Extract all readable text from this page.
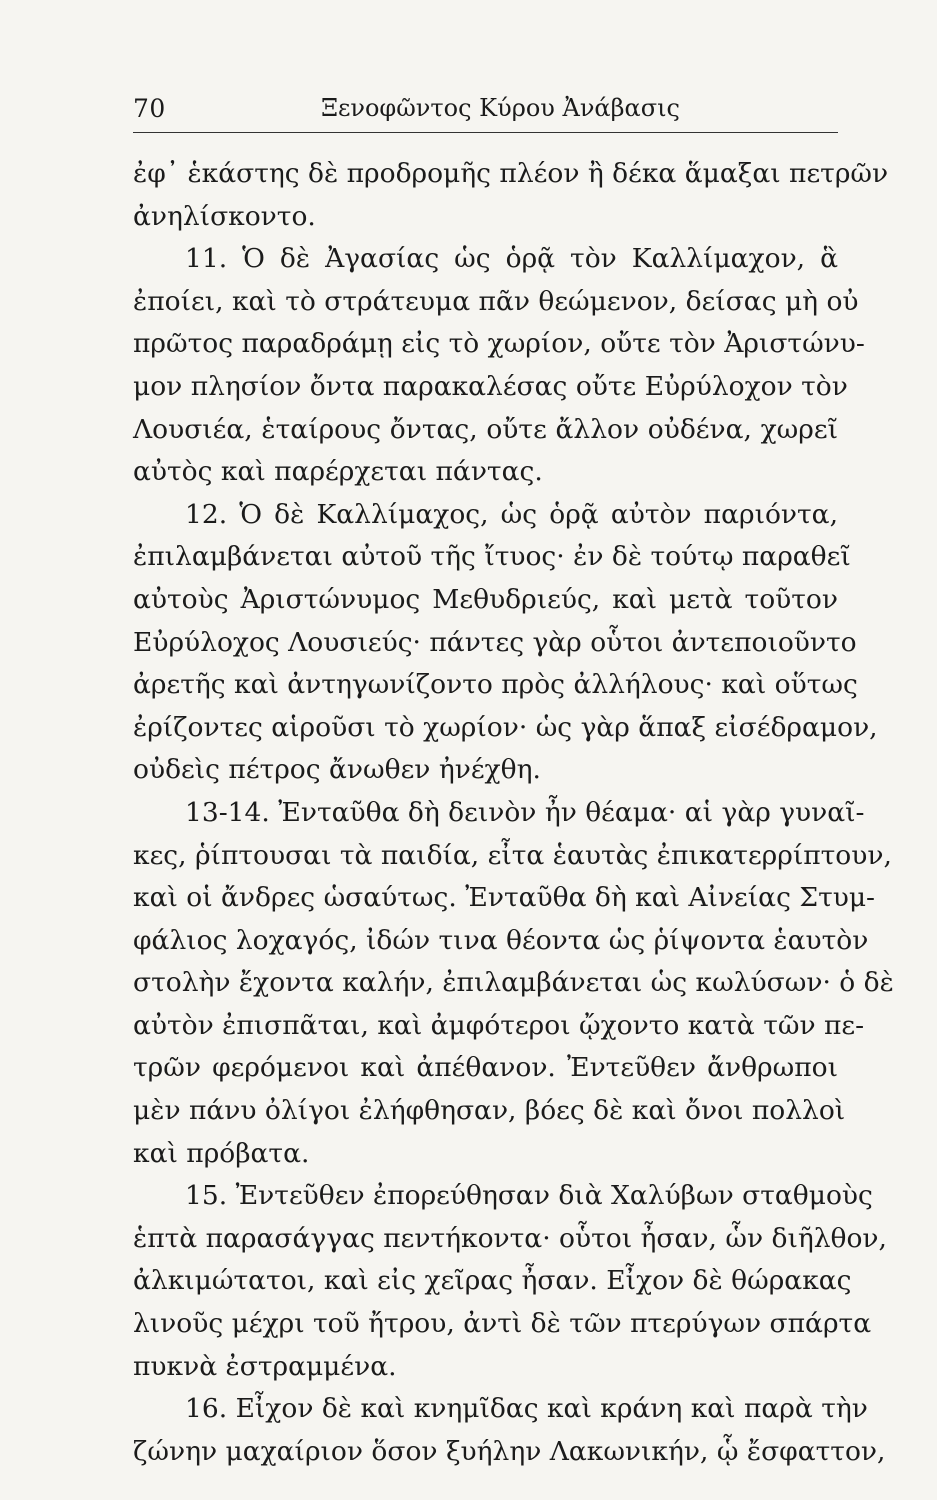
70	Ξενοφῶντος Κύρου Ἀνάβασις
ἐφ᾽ ἑκάστης δὲ προδρομῆς πλέον ἢ δέκα ἅμαξαι πετρῶν
ἀνηλίσκοντο.
11. Ὁ δὲ Ἀγασίας ὡς ὁρᾷ τὸν Καλλίμαχον, ἃ
ἐποίει, καὶ τὸ στράτευμα πᾶν θεώμενον, δείσας μὴ οὐ
πρῶτος παραδράμῃ εἰς τὸ χωρίον, οὔτε τὸν Ἀριστώνυ-
μον πλησίον ὄντα παρακαλέσας οὔτε Εὐρύλοχον τὸν
Λουσιέα, ἑταίρους ὄντας, οὔτε ἄλλον οὐδένα, χωρεῖ
αὐτὸς καὶ παρέρχεται πάντας.
12. Ὁ δὲ Καλλίμαχος, ὡς ὁρᾷ αὐτὸν παριόντα,
ἐπιλαμβάνεται αὐτοῦ τῆς ἴτυος· ἐν δὲ τούτῳ παραθεῖ
αὐτοὺς Ἀριστώνυμος Μεθυδριεύς, καὶ μετὰ τοῦτον
Εὐρύλοχος Λουσιεύς· πάντες γὰρ οὗτοι ἀντεποιοῦντο
ἀρετῆς καὶ ἀντηγωνίζοντο πρὸς ἀλλήλους· καὶ οὕτως
ἐρίζοντες αἱροῦσι τὸ χωρίον· ὡς γὰρ ἅπαξ εἰσέδραμον,
οὐδεὶς πέτρος ἄνωθεν ἠνέχθη.
13-14. Ἐνταῦθα δὴ δεινὸν ἦν θέαμα· αἱ γὰρ γυναῖ-
κες, ῥίπτουσαι τὰ παιδία, εἶτα ἑαυτὰς ἐπικατερρίπτουν,
καὶ οἱ ἄνδρες ὡσαύτως. Ἐνταῦθα δὴ καὶ Αἰνείας Στυμ-
φάλιος λοχαγός, ἰδών τινα θέοντα ὡς ῥίψοντα ἑαυτὸν
στολὴν ἔχοντα καλήν, ἐπιλαμβάνεται ὡς κωλύσων· ὁ δὲ
αὐτὸν ἐπισπᾶται, καὶ ἀμφότεροι ᾤχοντο κατὰ τῶν πε-
τρῶν φερόμενοι καὶ ἀπέθανον. Ἐντεῦθεν ἄνθρωποι
μὲν πάνυ ὀλίγοι ἐλήφθησαν, βόες δὲ καὶ ὄνοι πολλοὶ
καὶ πρόβατα.
15. Ἐντεῦθεν ἐπορεύθησαν διὰ Χαλύβων σταθμοὺς
ἑπτὰ παρασάγγας πεντήκοντα· οὗτοι ἦσαν, ὧν διῆλθον,
ἀλκιμώτατοι, καὶ εἰς χεῖρας ἦσαν. Εἶχον δὲ θώρακας
λινοῦς μέχρι τοῦ ἤτρου, ἀντὶ δὲ τῶν πτερύγων σπάρτα
πυκνὰ ἐστραμμένα.
16. Εἶχον δὲ καὶ κνημῖδας καὶ κράνη καὶ παρὰ τὴν
ζώνην μαχαίριον ὅσον ξυήλην Λακωνικήν, ᾧ ἔσφαττον,
